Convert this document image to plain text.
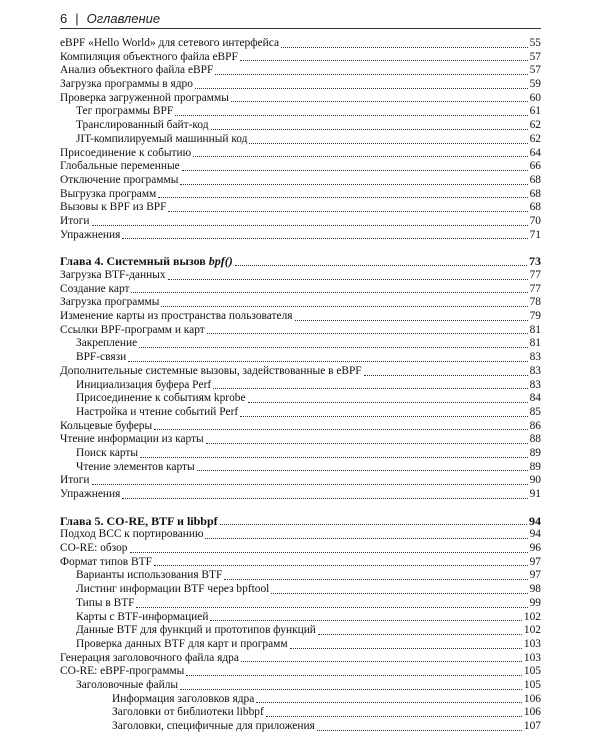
6 | Оглавление
eBPF «Hello World» для сетевого интерфейса	55
Компиляция объектного файла eBPF	57
Анализ объектного файла eBPF	57
Загрузка программы в ядро	59
Проверка загруженной программы	60
Тег программы BPF	61
Транслированный байт-код	62
JIT-компилируемый машинный код	62
Присоединение к событию	64
Глобальные переменные	66
Отключение программы	68
Выгрузка программ	68
Вызовы к BPF из BPF	68
Итоги	70
Упражнения	71
Глава 4. Системный вызов bpf()	73
Загрузка BTF-данных	77
Создание карт	77
Загрузка программы	78
Изменение карты из пространства пользователя	79
Ссылки BPF-программ и карт	81
Закрепление	81
BPF-связи	83
Дополнительные системные вызовы, задействованные в eBPF	83
Инициализация буфера Perf	83
Присоединение к событиям kprobe	84
Настройка и чтение событий Perf	85
Кольцевые буферы	86
Чтение информации из карты	88
Поиск карты	89
Чтение элементов карты	89
Итоги	90
Упражнения	91
Глава 5. CO-RE, BTF и libbpf	94
Подход BCC к портированию	94
CO-RE: обзор	96
Формат типов BTF	97
Варианты использования BTF	97
Листинг информации BTF через bpftool	98
Типы в BTF	99
Карты с BTF-информацией	102
Данные BTF для функций и прототипов функций	102
Проверка данных BTF для карт и программ	103
Генерация заголовочного файла ядра	103
CO-RE: eBPF-программы	105
Заголовочные файлы	105
Информация заголовков ядра	106
Заголовки от библиотеки libbpf	106
Заголовки, специфичные для приложения	107
